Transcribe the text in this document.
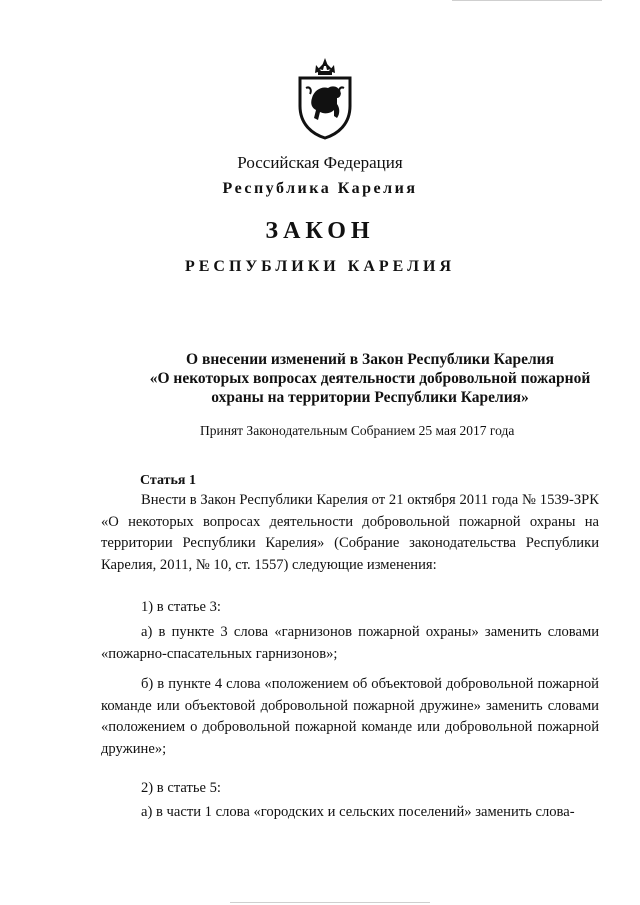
Российская Федерация
Республика Карелия
ЗАКОН
РЕСПУБЛИКИ КАРЕЛИЯ
О внесении изменений в Закон Республики Карелия
«О некоторых вопросах деятельности добровольной пожарной
охраны на территории Республики Карелия»
Принят Законодательным Собранием 25 мая 2017 года
Статья 1
Внести в Закон Республики Карелия от 21 октября 2011 года № 1539-ЗРК «О некоторых вопросах деятельности добровольной пожарной охраны на территории Республики Карелия» (Собрание законодательства Республики Карелия, 2011, № 10, ст. 1557) следующие изменения:
1) в статье 3:
а) в пункте 3 слова «гарнизонов пожарной охраны» заменить словами «пожарно-спасательных гарнизонов»;
б) в пункте 4 слова «положением об объектовой добровольной пожарной команде или объектовой добровольной пожарной дружине» заменить словами «положением о добровольной пожарной команде или добровольной пожарной дружине»;
2) в статье 5:
а) в части 1 слова «городских и сельских поселений» заменить слова-
